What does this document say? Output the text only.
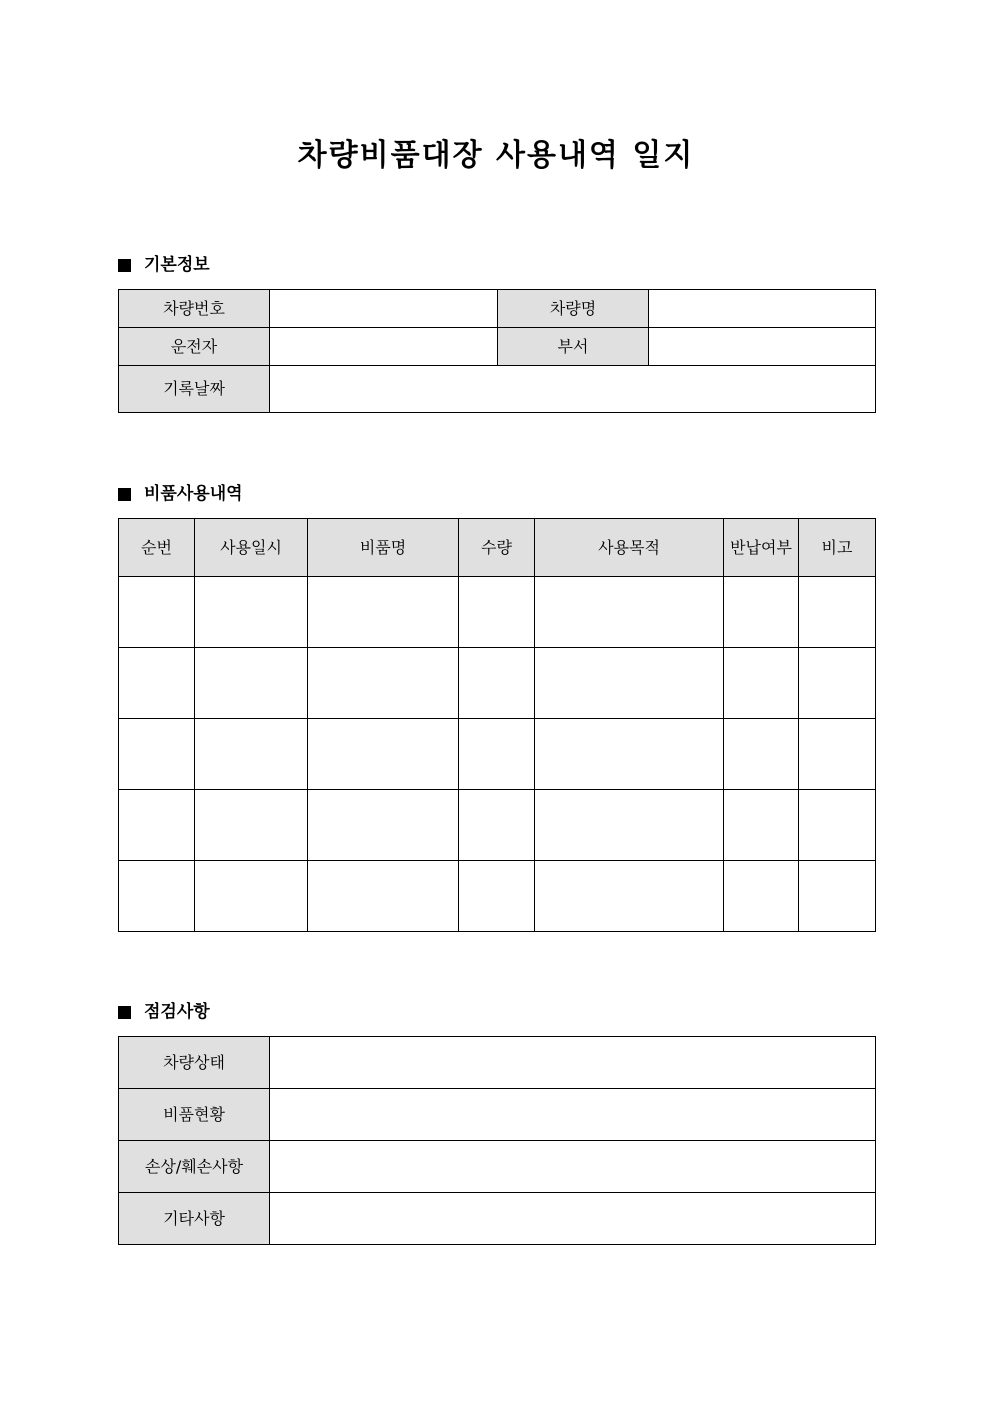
차량비품대장 사용내역 일지
기본정보
차량번호		차량명	
운전자		부서	
기록날짜			
비품사용내역
순번	사용일시	비품명	수량	사용목적	반납여부	비고

점검사항
차량상태	
비품현황	
손상/훼손사항	
기타사항	
